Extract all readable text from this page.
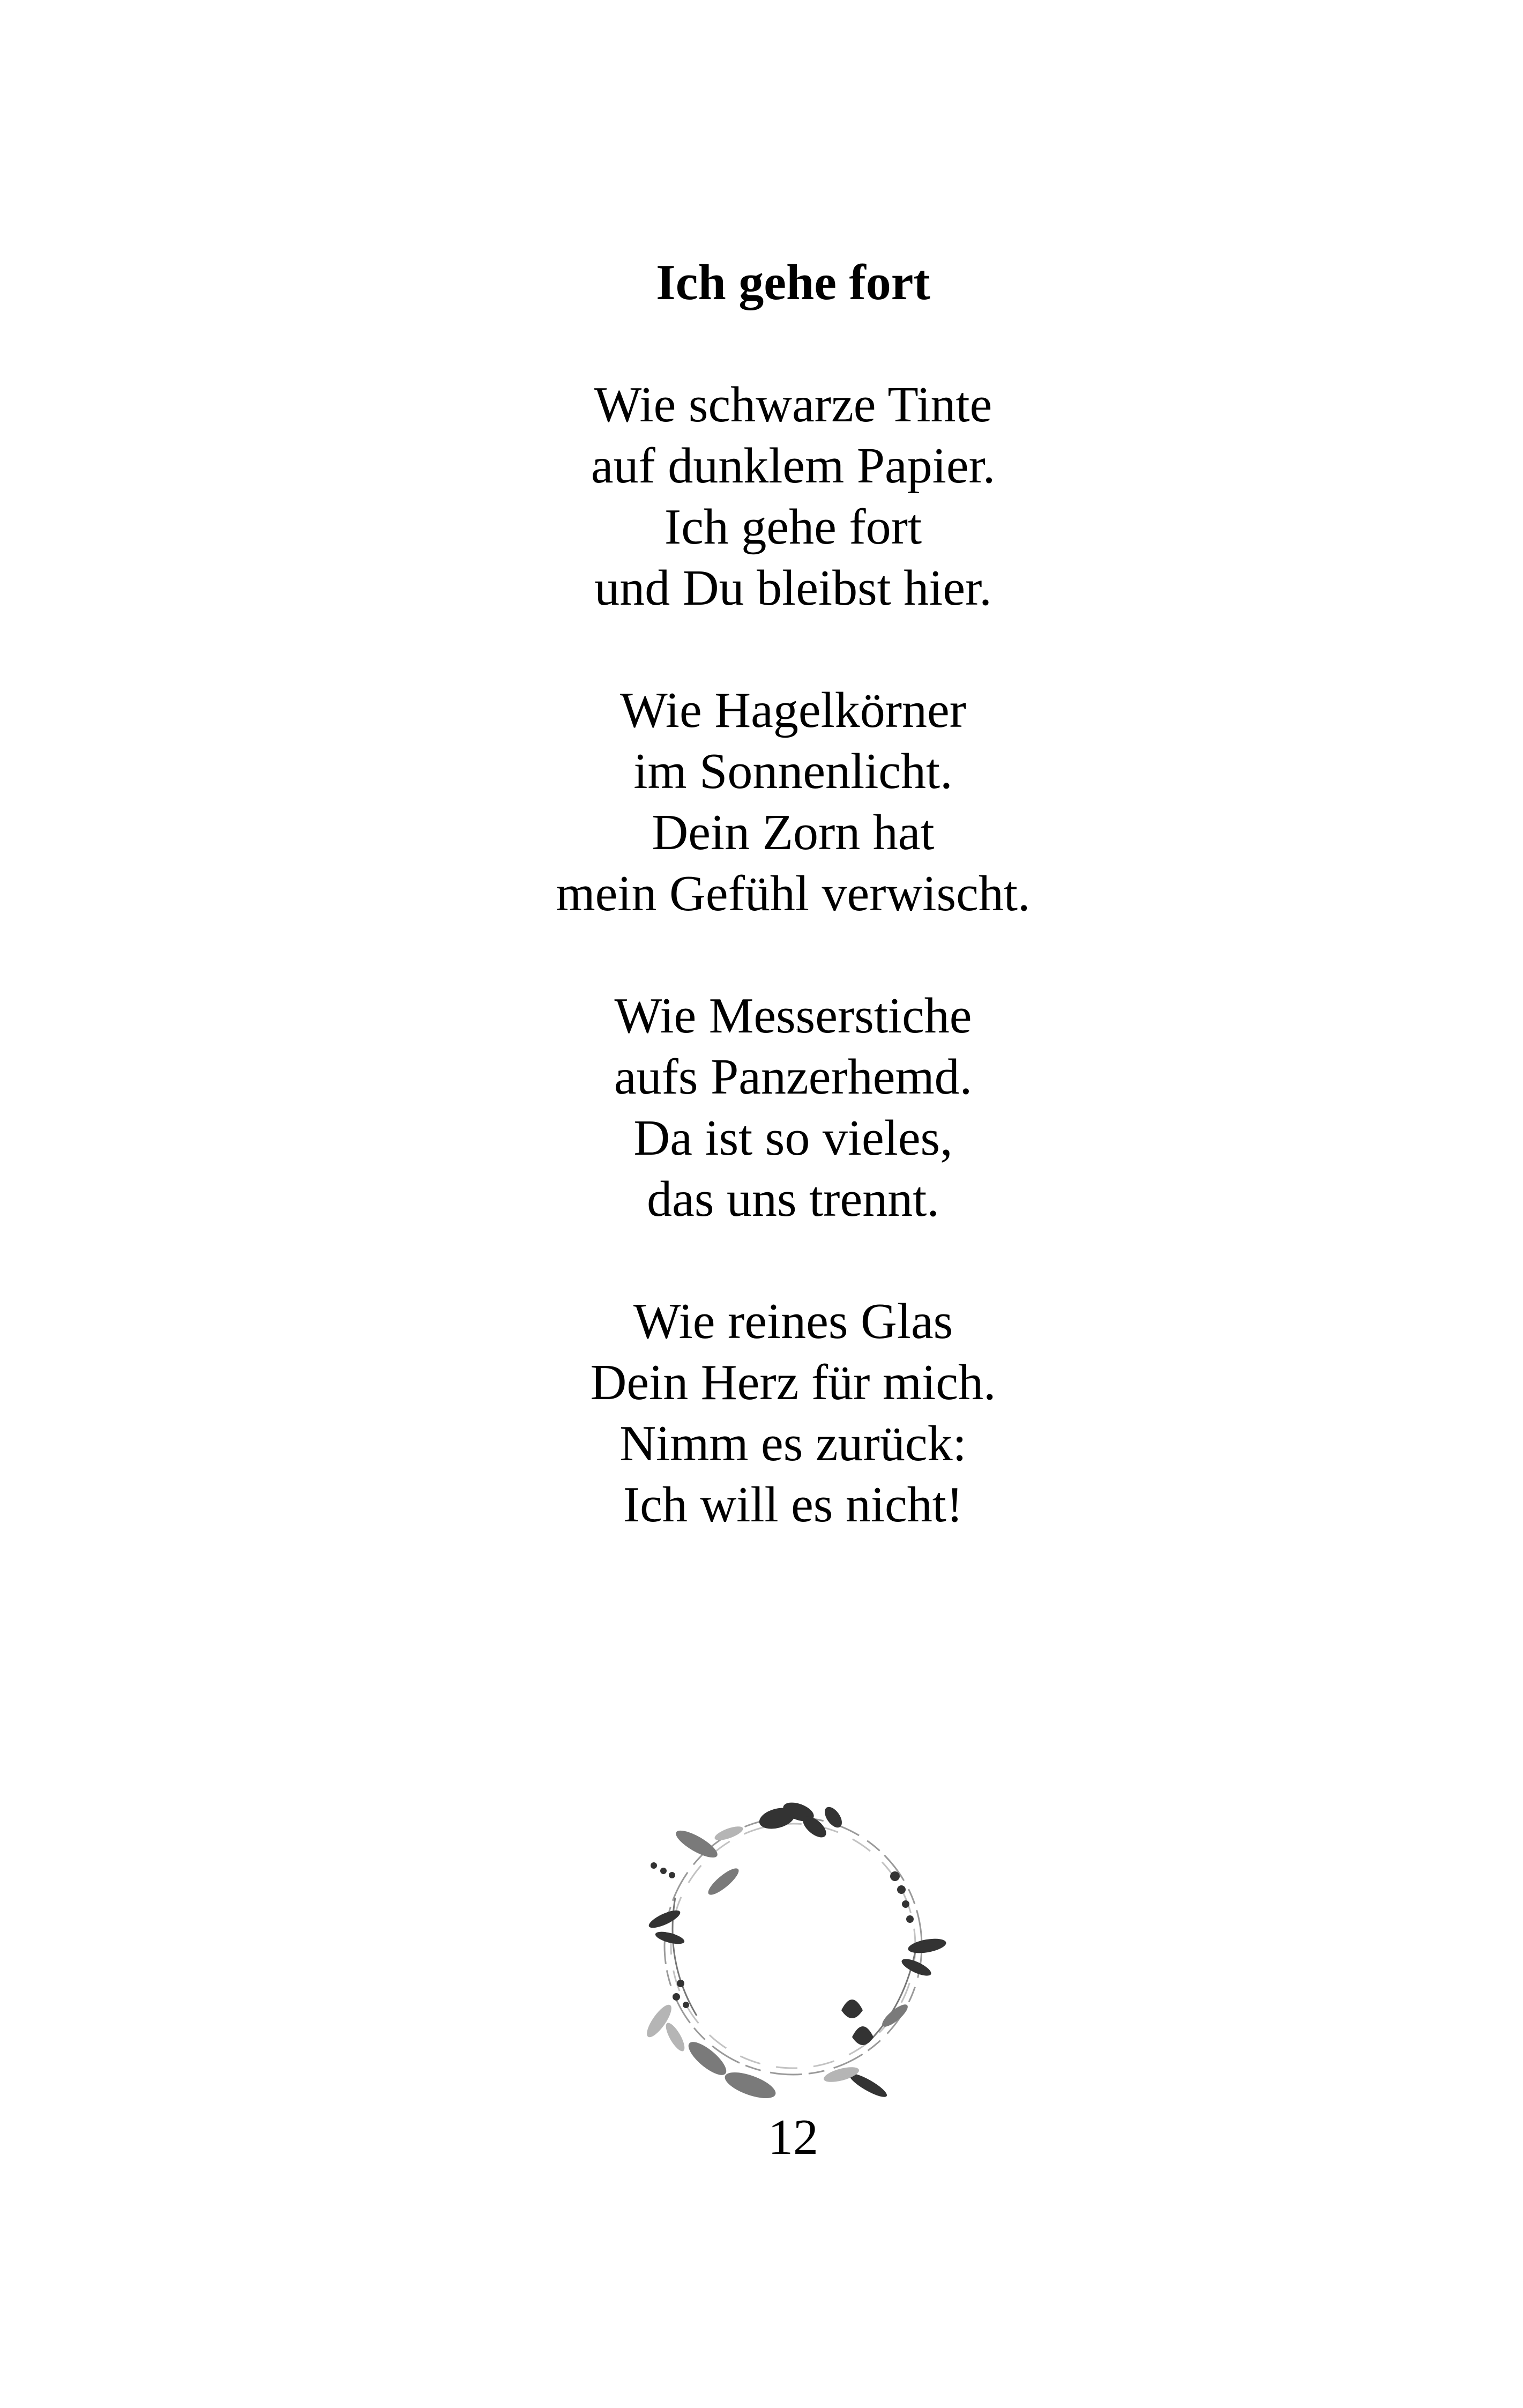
Ich gehe fort

Wie schwarze Tinte

auf dunklem Papier.

Ich gehe fort

und Du bleibst hier.

Wie Hagelkörner

im Sonnenlicht.

Dein Zorn hat

mein Gefühl verwischt.

Wie Messerstiche

aufs Panzerhemd.

Da ist so vieles,

das uns trennt.

Wie reines Glas

Dein Herz für mich.

Nimm es zurück:

Ich will es nicht!

12
